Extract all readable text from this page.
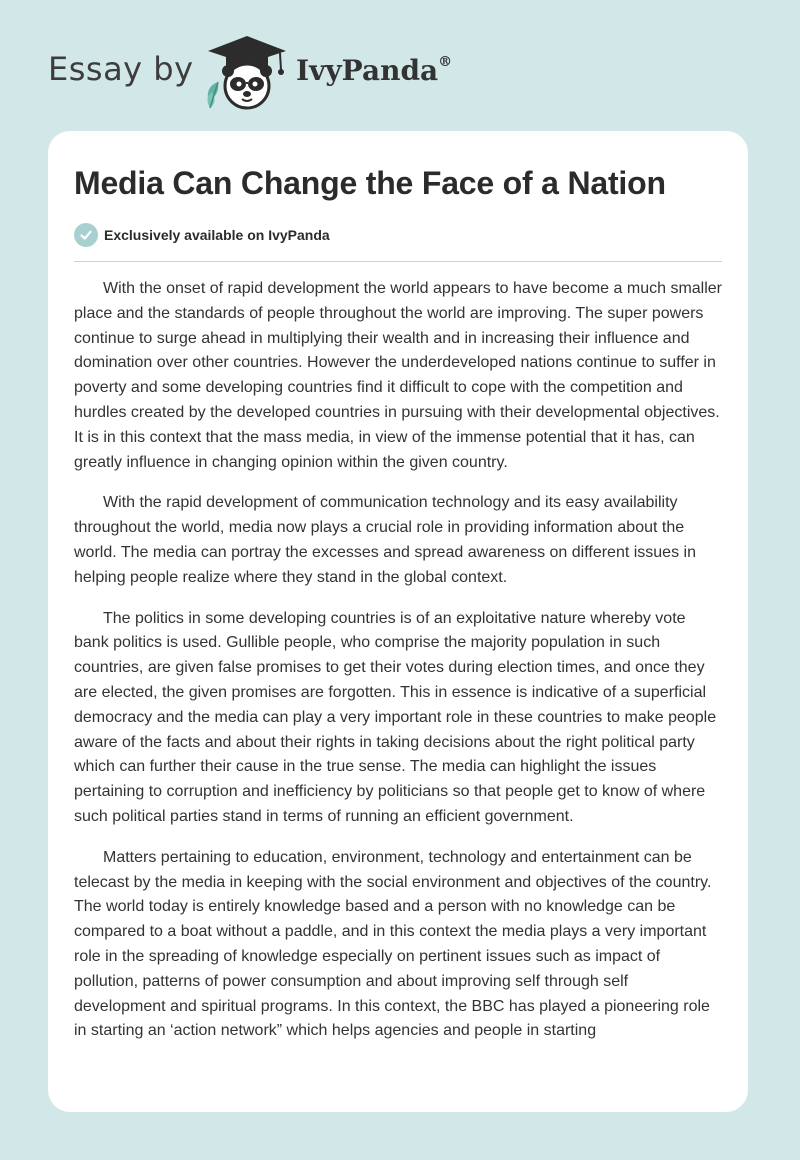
Essay by	IvyPanda®
Media Can Change the Face of a Nation
Exclusively available on IvyPanda

With the onset of rapid development the world appears to have become a much smaller place and the standards of people throughout the world are improving. The super powers continue to surge ahead in multiplying their wealth and in increasing their influence and domination over other countries. However the underdeveloped nations continue to suffer in poverty and some developing countries find it difficult to cope with the competition and hurdles created by the developed countries in pursuing with their developmental objectives. It is in this context that the mass media, in view of the immense potential that it has, can greatly influence in changing opinion within the given country.

With the rapid development of communication technology and its easy availability throughout the world, media now plays a crucial role in providing information about the world. The media can portray the excesses and spread awareness on different issues in helping people realize where they stand in the global context.

The politics in some developing countries is of an exploitative nature whereby vote bank politics is used. Gullible people, who comprise the majority population in such countries, are given false promises to get their votes during election times, and once they are elected, the given promises are forgotten. This in essence is indicative of a superficial democracy and the media can play a very important role in these countries to make people aware of the facts and about their rights in taking decisions about the right political party which can further their cause in the true sense. The media can highlight the issues pertaining to corruption and inefficiency by politicians so that people get to know of where such political parties stand in terms of running an efficient government.

Matters pertaining to education, environment, technology and entertainment can be telecast by the media in keeping with the social environment and objectives of the country. The world today is entirely knowledge based and a person with no knowledge can be compared to a boat without a paddle, and in this context the media plays a very important role in the spreading of knowledge especially on pertinent issues such as impact of pollution, patterns of power consumption and about improving self through self development and spiritual programs. In this context, the BBC has played a pioneering role in starting an ‘action network” which helps agencies and people in starting
